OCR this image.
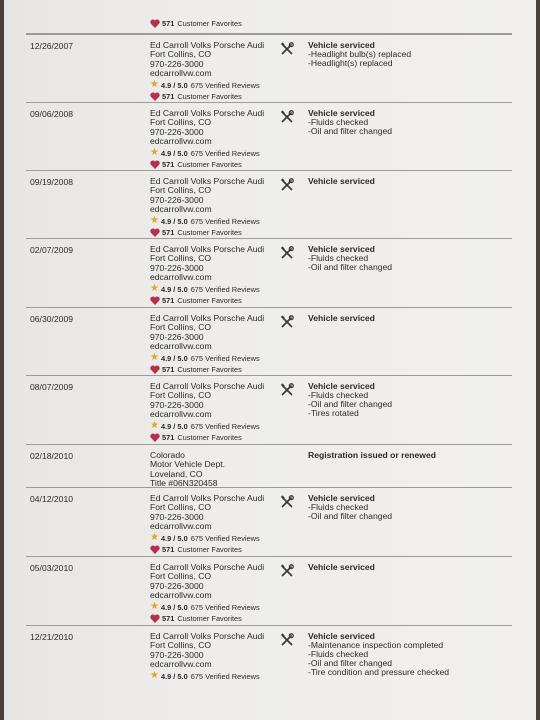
571 Customer Favorites
12/26/2007	Ed Carroll Volks Porsche Audi
Fort Collins, CO
970-226-3000
edcarrollvw.com
★ 4.9 / 5.0 675 Verified Reviews
571 Customer Favorites
Vehicle serviced
-Headlight bulb(s) replaced
-Headlight(s) replaced
09/06/2008	Ed Carroll Volks Porsche Audi
Fort Collins, CO
970-226-3000
edcarrollvw.com
★ 4.9 / 5.0 675 Verified Reviews
571 Customer Favorites
Vehicle serviced
-Fluids checked
-Oil and filter changed
09/19/2008	Ed Carroll Volks Porsche Audi
Fort Collins, CO
970-226-3000
edcarrollvw.com
★ 4.9 / 5.0 675 Verified Reviews
571 Customer Favorites
Vehicle serviced
02/07/2009	Ed Carroll Volks Porsche Audi
Fort Collins, CO
970-226-3000
edcarrollvw.com
★ 4.9 / 5.0 675 Verified Reviews
571 Customer Favorites
Vehicle serviced
-Fluids checked
-Oil and filter changed
06/30/2009	Ed Carroll Volks Porsche Audi
Fort Collins, CO
970-226-3000
edcarrollvw.com
★ 4.9 / 5.0 675 Verified Reviews
571 Customer Favorites
Vehicle serviced
08/07/2009	Ed Carroll Volks Porsche Audi
Fort Collins, CO
970-226-3000
edcarrollvw.com
★ 4.9 / 5.0 675 Verified Reviews
571 Customer Favorites
Vehicle serviced
-Fluids checked
-Oil and filter changed
-Tires rotated
02/18/2010	Colorado
Motor Vehicle Dept.
Loveland, CO
Title #06N320458
Registration issued or renewed
04/12/2010	Ed Carroll Volks Porsche Audi
Fort Collins, CO
970-226-3000
edcarrollvw.com
★ 4.9 / 5.0 675 Verified Reviews
571 Customer Favorites
Vehicle serviced
-Fluids checked
-Oil and filter changed
05/03/2010	Ed Carroll Volks Porsche Audi
Fort Collins, CO
970-226-3000
edcarrollvw.com
★ 4.9 / 5.0 675 Verified Reviews
571 Customer Favorites
Vehicle serviced
12/21/2010	Ed Carroll Volks Porsche Audi
Fort Collins, CO
970-226-3000
edcarrollvw.com
★ 4.9 / 5.0 675 Verified Reviews
Vehicle serviced
-Maintenance inspection completed
-Fluids checked
-Oil and filter changed
-Tire condition and pressure checked
